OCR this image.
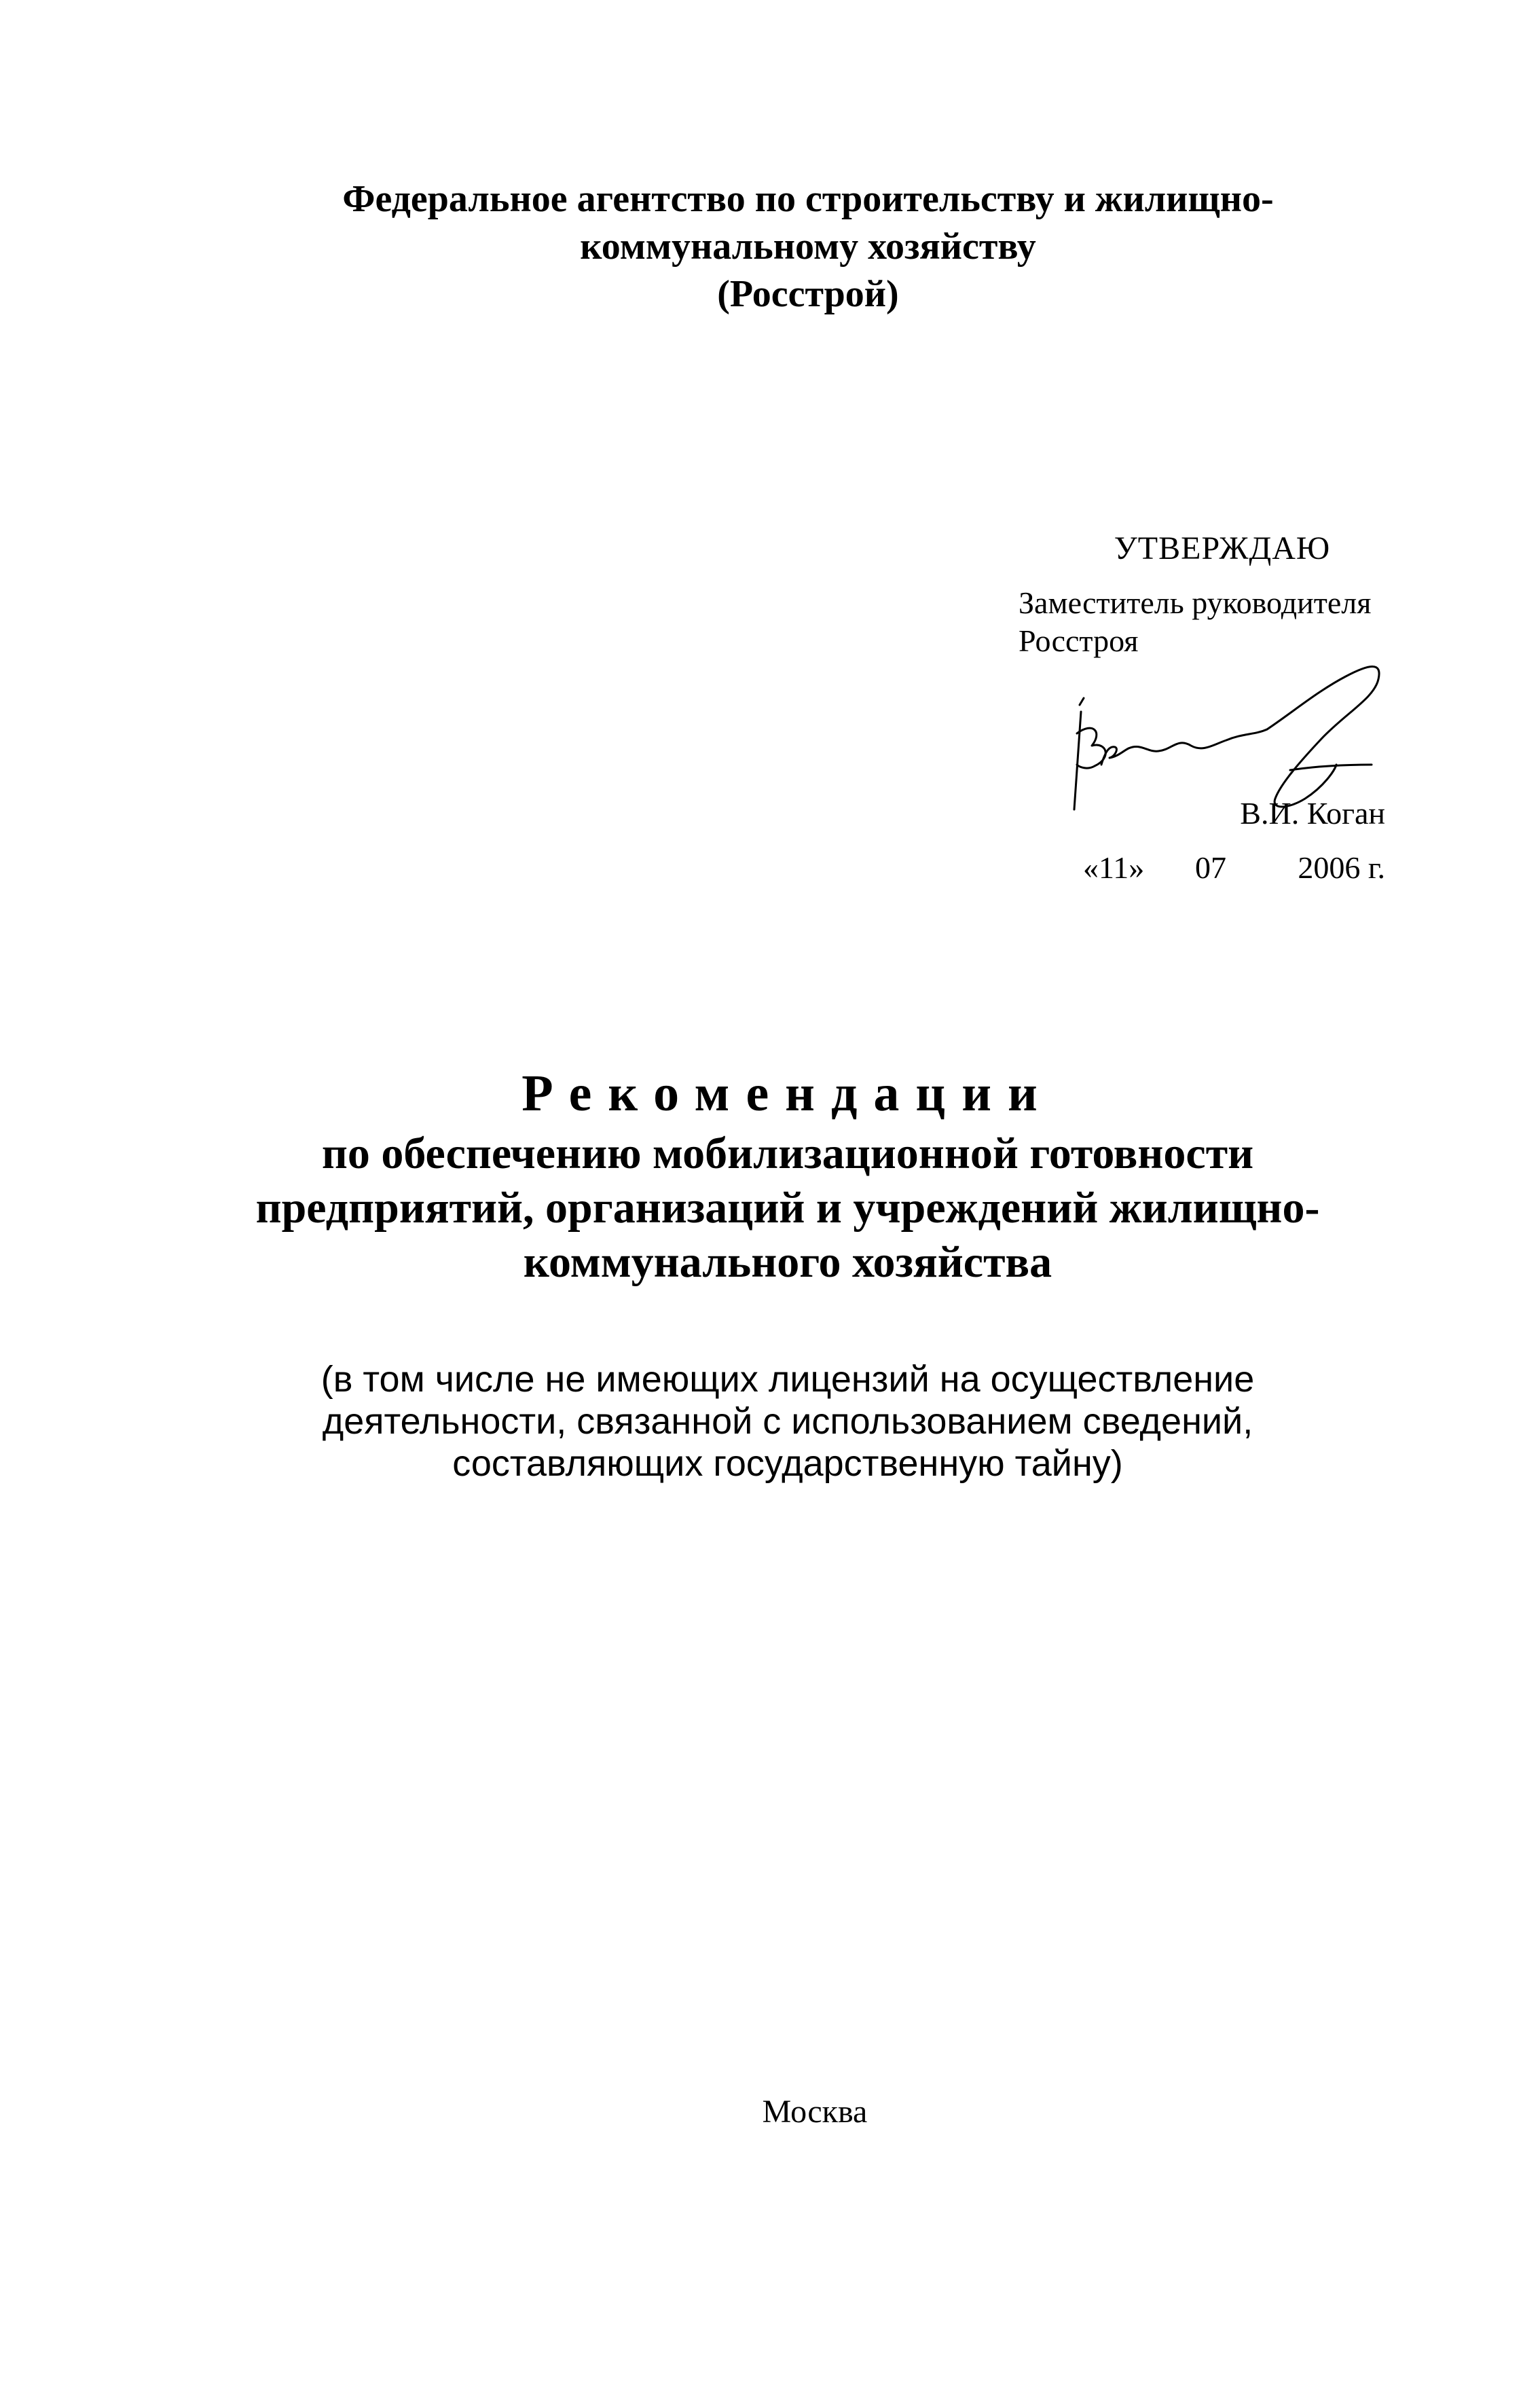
Федеральное агентство по строительству и жилищно-
коммунальному хозяйству
(Росстрой)
УТВЕРЖДАЮ
Заместитель руководителя
Росстроя
В.И. Коган
«11» 07 2006 г.
Рекомендации
по обеспечению мобилизационной готовности
предприятий, организаций и учреждений жилищно-
коммунального хозяйства
(в том числе не имеющих лицензий на осуществление
деятельности, связанной с использованием сведений,
составляющих государственную тайну)
Москва
